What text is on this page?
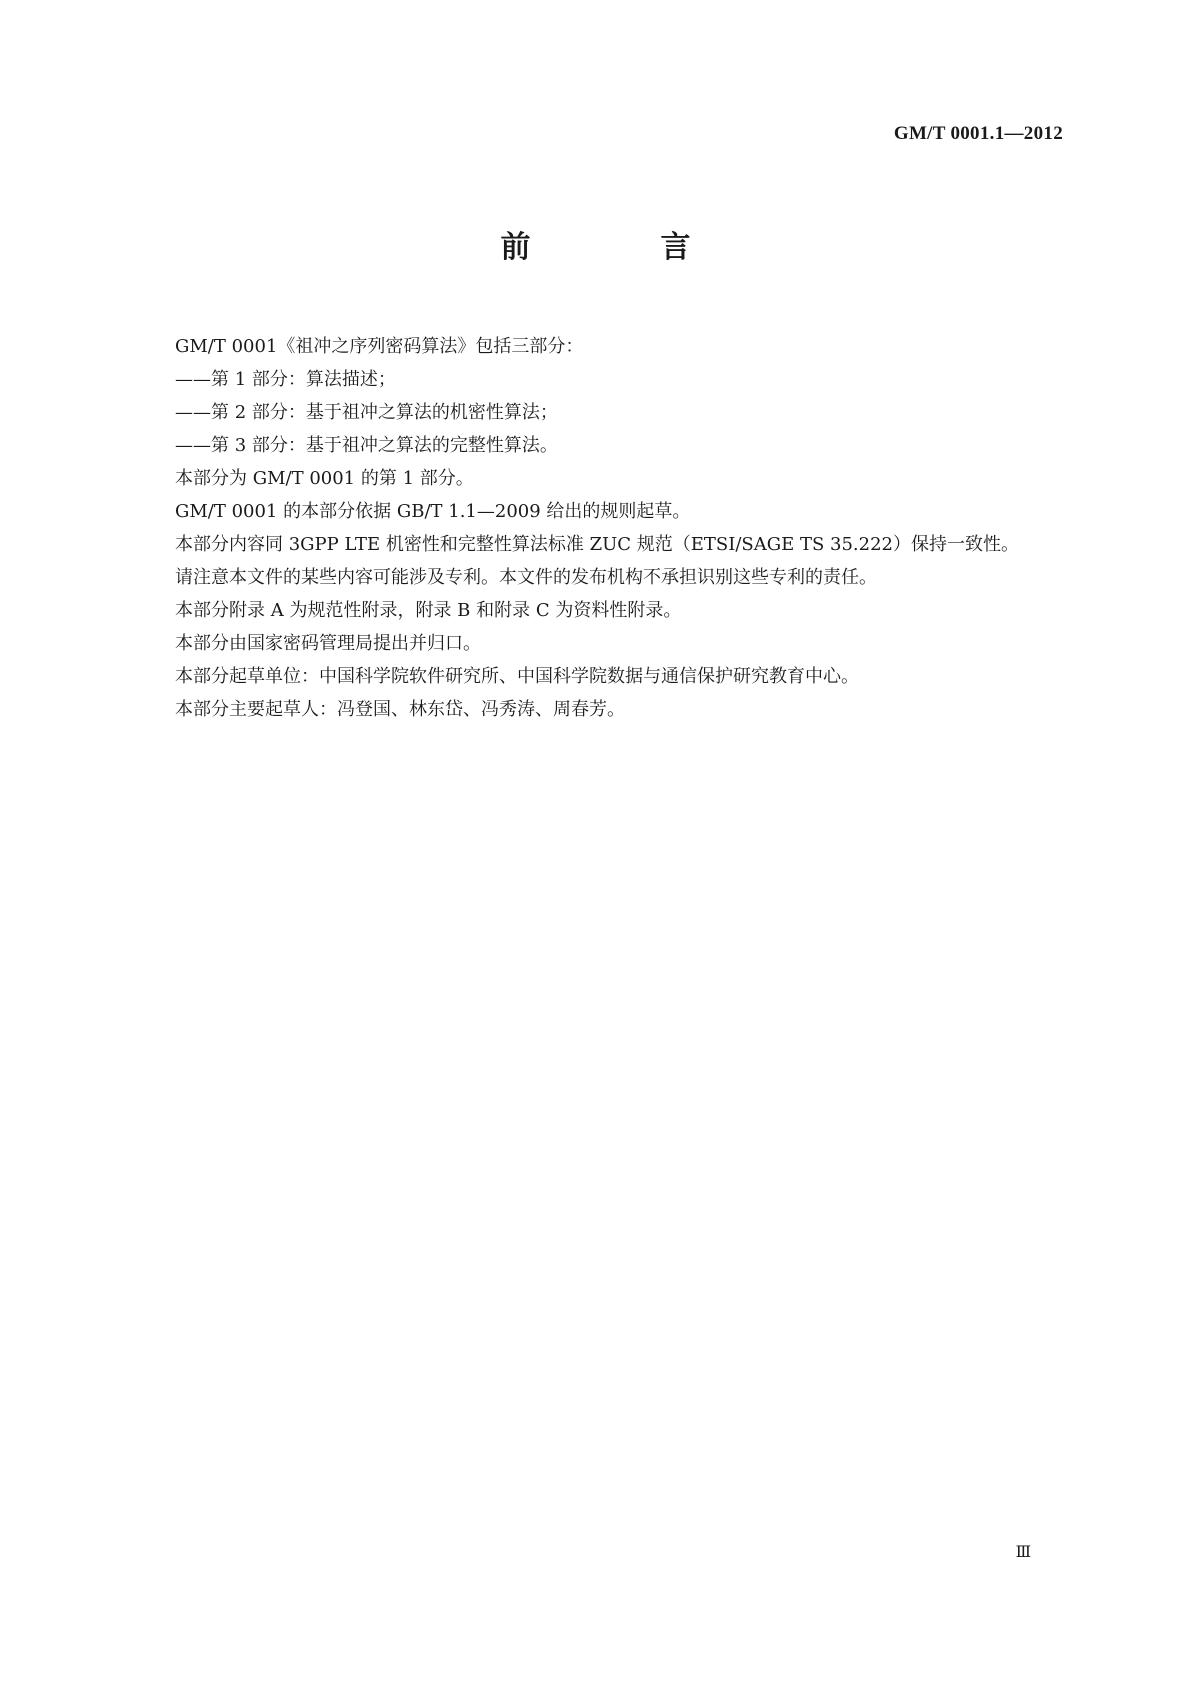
GM/T 0001.1—2012
前　言

GM/T 0001《祖冲之序列密码算法》包括三部分：

——第 1 部分：算法描述；

——第 2 部分：基于祖冲之算法的机密性算法；

——第 3 部分：基于祖冲之算法的完整性算法。

本部分为 GM/T 0001 的第 1 部分。

GM/T 0001 的本部分依据 GB/T 1.1—2009 给出的规则起草。

本部分内容同 3GPP LTE 机密性和完整性算法标准 ZUC 规范（ETSI/SAGE TS 35.222）保持一致性。

请注意本文件的某些内容可能涉及专利。本文件的发布机构不承担识别这些专利的责任。

本部分附录 A 为规范性附录，附录 B 和附录 C 为资料性附录。

本部分由国家密码管理局提出并归口。

本部分起草单位：中国科学院软件研究所、中国科学院数据与通信保护研究教育中心。

本部分主要起草人：冯登国、林东岱、冯秀涛、周春芳。

Ⅲ
